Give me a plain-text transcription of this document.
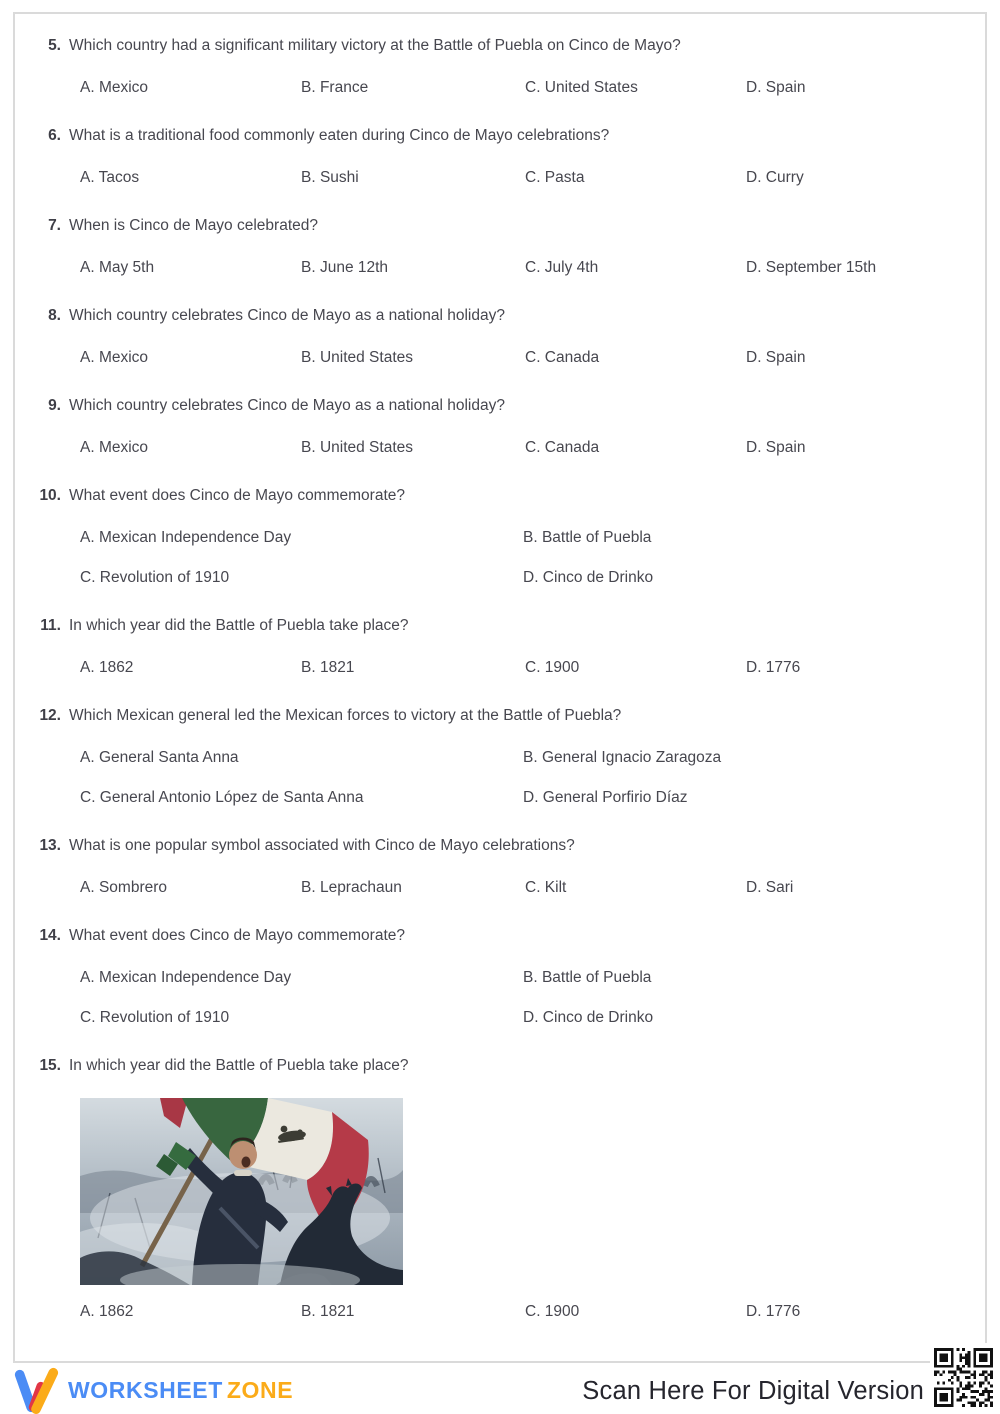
5. Which country had a significant military victory at the Battle of Puebla on Cinco de Mayo?
A. Mexico	B. France	C. United States	D. Spain
6. What is a traditional food commonly eaten during Cinco de Mayo celebrations?
A. Tacos	B. Sushi	C. Pasta	D. Curry
7. When is Cinco de Mayo celebrated?
A. May 5th	B. June 12th	C. July 4th	D. September 15th
8. Which country celebrates Cinco de Mayo as a national holiday?
A. Mexico	B. United States	C. Canada	D. Spain
9. Which country celebrates Cinco de Mayo as a national holiday?
A. Mexico	B. United States	C. Canada	D. Spain
10. What event does Cinco de Mayo commemorate?
A. Mexican Independence Day	B. Battle of Puebla
C. Revolution of 1910	D. Cinco de Drinko
11. In which year did the Battle of Puebla take place?
A. 1862	B. 1821	C. 1900	D. 1776
12. Which Mexican general led the Mexican forces to victory at the Battle of Puebla?
A. General Santa Anna	B. General Ignacio Zaragoza
C. General Antonio López de Santa Anna	D. General Porfirio Díaz
13. What is one popular symbol associated with Cinco de Mayo celebrations?
A. Sombrero	B. Leprachaun	C. Kilt	D. Sari
14. What event does Cinco de Mayo commemorate?
A. Mexican Independence Day	B. Battle of Puebla
C. Revolution of 1910	D. Cinco de Drinko
15. In which year did the Battle of Puebla take place?
A. 1862	B. 1821	C. 1900	D. 1776
WORKSHEET ZONE	Scan Here For Digital Version
